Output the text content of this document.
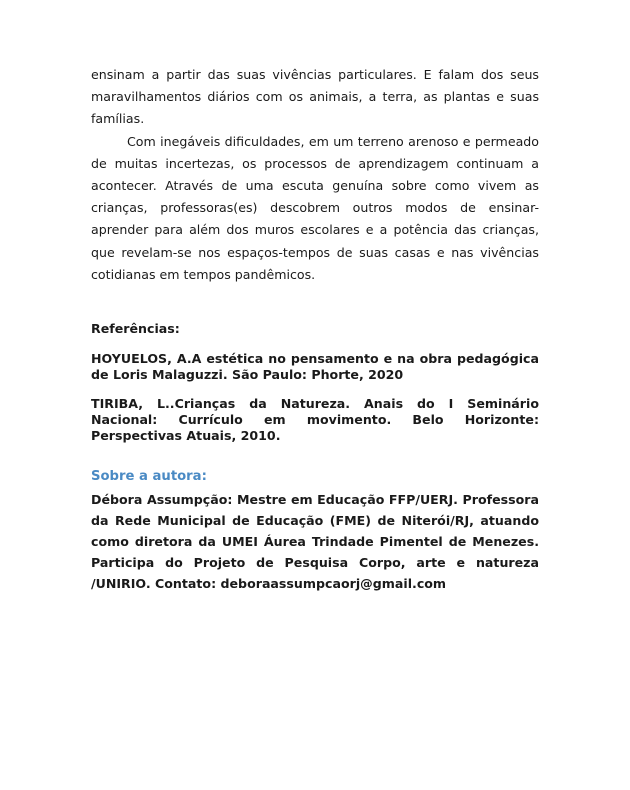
ensinam a partir das suas vivências particulares. E falam dos seus maravilhamentos diários com os animais, a terra, as plantas e suas famílias.

Com inegáveis dificuldades, em um terreno arenoso e permeado de muitas incertezas, os processos de aprendizagem continuam a acontecer. Através de uma escuta genuína sobre como vivem as crianças, professoras(es) descobrem outros modos de ensinar-aprender para além dos muros escolares e a potência das crianças, que revelam-se nos espaços-tempos de suas casas e nas vivências cotidianas em tempos pandêmicos.

Referências:

HOYUELOS, A.A estética no pensamento e na obra pedagógica de Loris Malaguzzi. São Paulo: Phorte, 2020

TIRIBA, L..Crianças da Natureza. Anais do I Seminário Nacional: Currículo em movimento. Belo Horizonte: Perspectivas Atuais, 2010.

Sobre a autora:

Débora Assumpção: Mestre em Educação FFP/UERJ. Professora da Rede Municipal de Educação (FME) de Niterói/RJ, atuando como diretora da UMEI Áurea Trindade Pimentel de Menezes. Participa do Projeto de Pesquisa Corpo, arte e natureza /UNIRIO. Contato: deboraassumpcaorj@gmail.com
